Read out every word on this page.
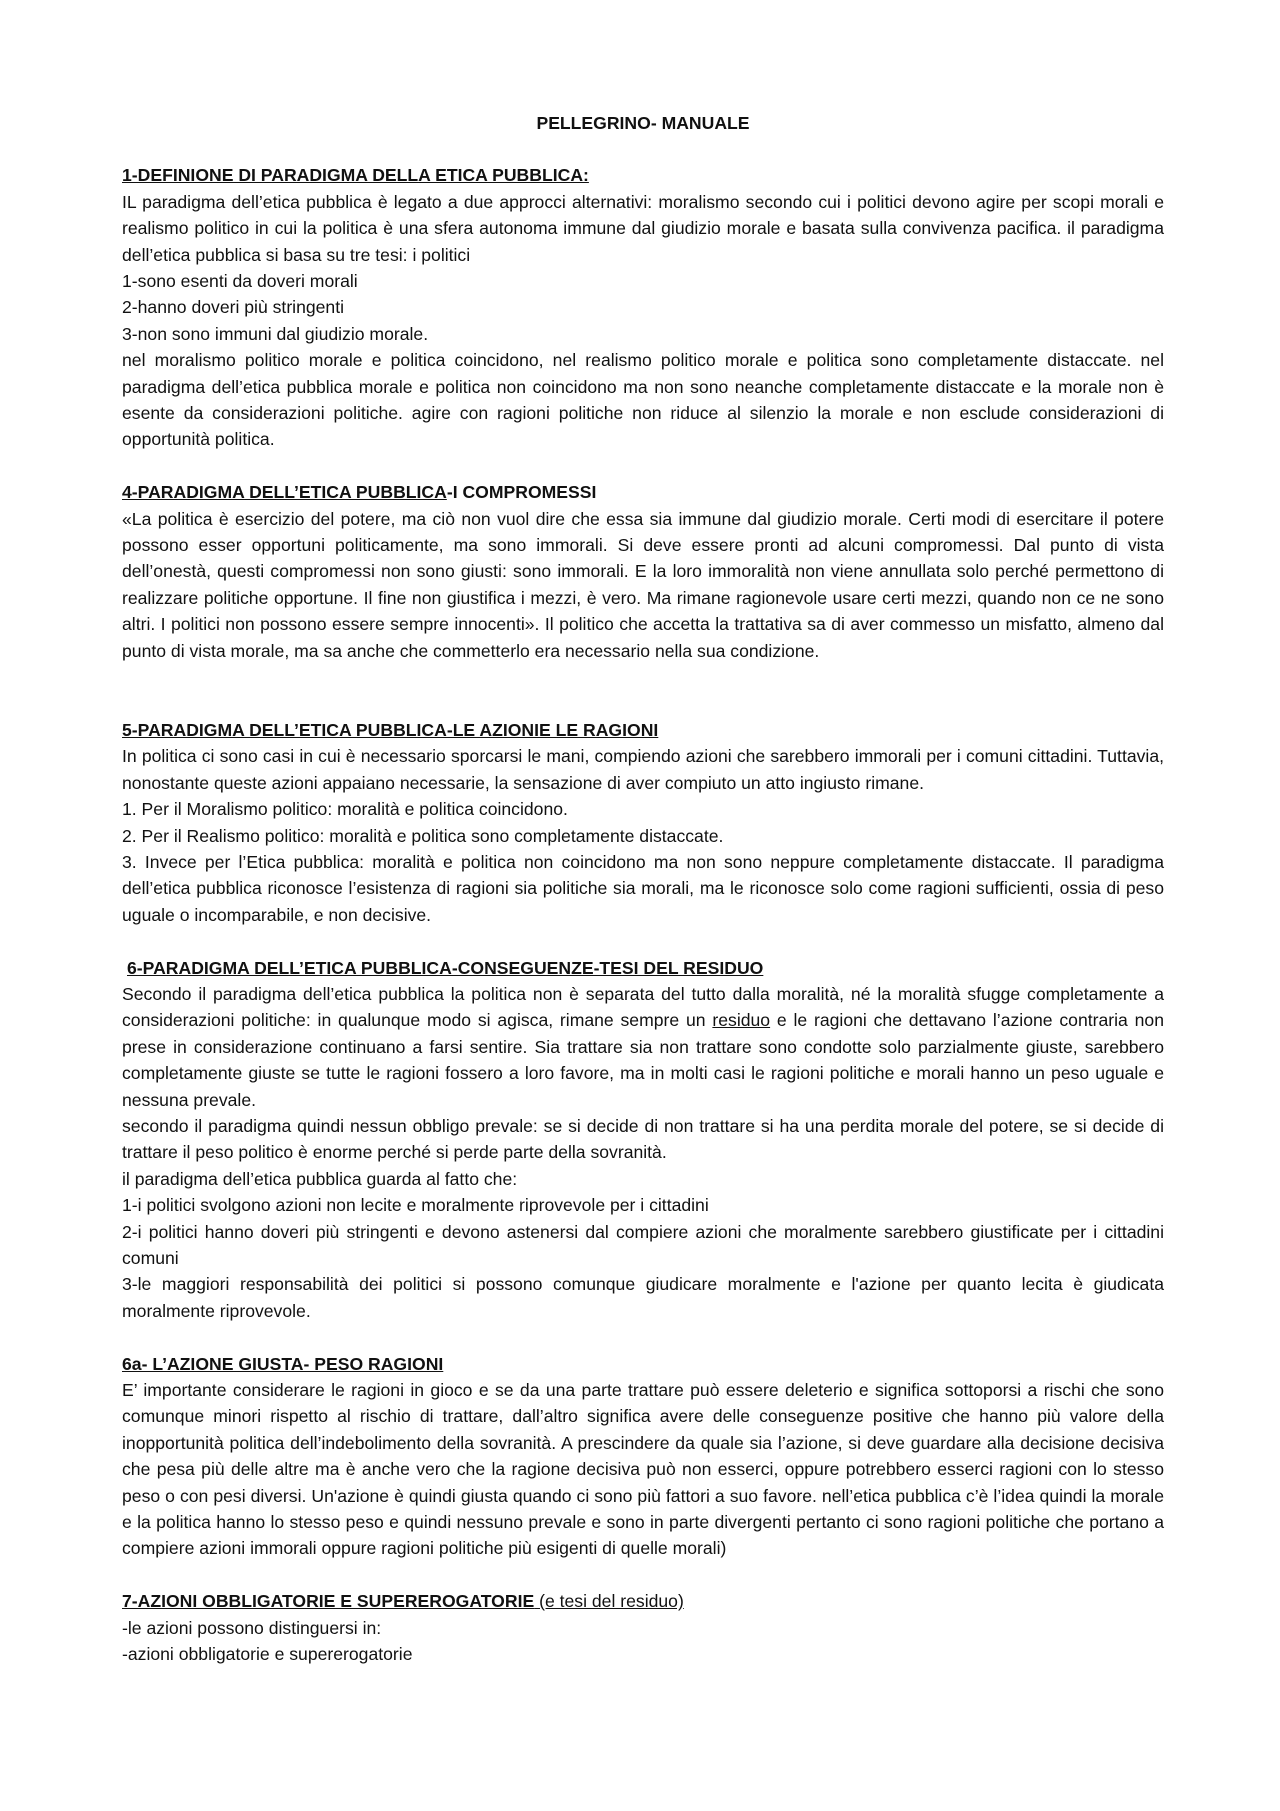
PELLEGRINO- MANUALE

1-DEFINIONE DI PARADIGMA DELLA ETICA PUBBLICA:

IL paradigma dell’etica pubblica è legato a due approcci alternativi: moralismo secondo cui i politici devono agire per scopi morali e realismo politico in cui la politica è una sfera autonoma immune dal giudizio morale e basata sulla convivenza pacifica. il paradigma dell’etica pubblica si basa su tre tesi: i politici

1-sono esenti da doveri morali

2-hanno doveri più stringenti

3-non sono immuni dal giudizio morale.

nel moralismo politico morale e politica coincidono, nel realismo politico morale e politica sono completamente distaccate. nel paradigma dell’etica pubblica morale e politica non coincidono ma non sono neanche completamente distaccate e la morale non è esente da considerazioni politiche. agire con ragioni politiche non riduce al silenzio la morale e non esclude considerazioni di opportunità politica.

4-PARADIGMA DELL’ETICA PUBBLICA-I COMPROMESSI

«La politica è esercizio del potere, ma ciò non vuol dire che essa sia immune dal giudizio morale. Certi modi di esercitare il potere possono esser opportuni politicamente, ma sono immorali. Si deve essere pronti ad alcuni compromessi. Dal punto di vista dell’onestà, questi compromessi non sono giusti: sono immorali. E la loro immoralità non viene annullata solo perché permettono di realizzare politiche opportune. Il fine non giustifica i mezzi, è vero. Ma rimane ragionevole usare certi mezzi, quando non ce ne sono altri. I politici non possono essere sempre innocenti». Il politico che accetta la trattativa sa di aver commesso un misfatto, almeno dal punto di vista morale, ma sa anche che commetterlo era necessario nella sua condizione.

5-PARADIGMA DELL’ETICA PUBBLICA-LE AZIONIE LE RAGIONI

In politica ci sono casi in cui è necessario sporcarsi le mani, compiendo azioni che sarebbero immorali per i comuni cittadini. Tuttavia, nonostante queste azioni appaiano necessarie, la sensazione di aver compiuto un atto ingiusto rimane.

1. Per il Moralismo politico: moralità e politica coincidono.

2. Per il Realismo politico: moralità e politica sono completamente distaccate.

3. Invece per l’Etica pubblica: moralità e politica non coincidono ma non sono neppure completamente distaccate. Il paradigma dell’etica pubblica riconosce l’esistenza di ragioni sia politiche sia morali, ma le riconosce solo come ragioni sufficienti, ossia di peso uguale o incomparabile, e non decisive.

6-PARADIGMA DELL’ETICA PUBBLICA-CONSEGUENZE-TESI DEL RESIDUO

Secondo il paradigma dell’etica pubblica la politica non è separata del tutto dalla moralità, né la moralità sfugge completamente a considerazioni politiche: in qualunque modo si agisca, rimane sempre un residuo e le ragioni che dettavano l’azione contraria non prese in considerazione continuano a farsi sentire. Sia trattare sia non trattare sono condotte solo parzialmente giuste, sarebbero completamente giuste se tutte le ragioni fossero a loro favore, ma in molti casi le ragioni politiche e morali hanno un peso uguale e nessuna prevale.

secondo il paradigma quindi nessun obbligo prevale: se si decide di non trattare si ha una perdita morale del potere, se si decide di trattare il peso politico è enorme perché si perde parte della sovranità.

il paradigma dell’etica pubblica guarda al fatto che:

1-i politici svolgono azioni non lecite e moralmente riprovevole per i cittadini

2-i politici hanno doveri più stringenti e devono astenersi dal compiere azioni che moralmente sarebbero giustificate per i cittadini comuni

3-le maggiori responsabilità dei politici si possono comunque giudicare moralmente e l'azione per quanto lecita è giudicata moralmente riprovevole.

6a- L’AZIONE GIUSTA- PESO RAGIONI

E’ importante considerare le ragioni in gioco e se da una parte trattare può essere deleterio e significa sottoporsi a rischi che sono comunque minori rispetto al rischio di trattare, dall’altro significa avere delle conseguenze positive che hanno più valore della inopportunità politica dell’indebolimento della sovranità. A prescindere da quale sia l’azione, si deve guardare alla decisione decisiva che pesa più delle altre ma è anche vero che la ragione decisiva può non esserci, oppure potrebbero esserci ragioni con lo stesso peso o con pesi diversi. Un'azione è quindi giusta quando ci sono più fattori a suo favore. nell’etica pubblica c’è l’idea quindi la morale e la politica hanno lo stesso peso e quindi nessuno prevale e sono in parte divergenti pertanto ci sono ragioni politiche che portano a compiere azioni immorali oppure ragioni politiche più esigenti di quelle morali)

7-AZIONI OBBLIGATORIE E SUPEREROGATORIE (e tesi del residuo)

-le azioni possono distinguersi in:

-azioni obbligatorie e supererogatorie
